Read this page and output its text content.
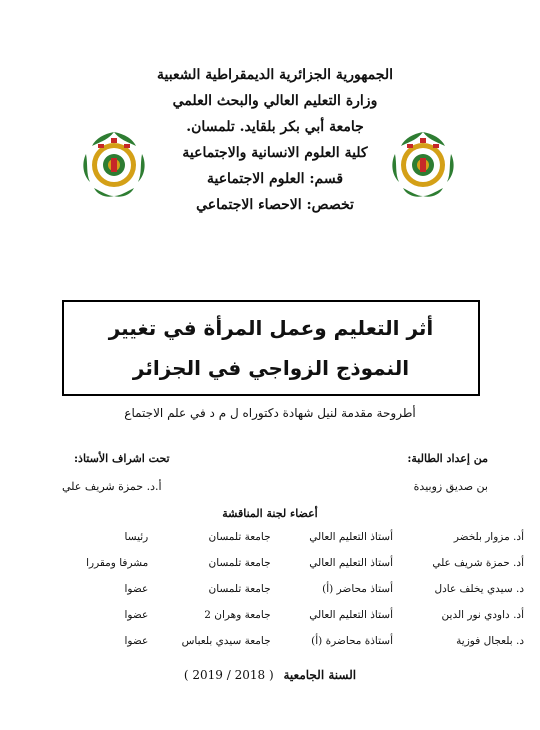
الجمهورية الجزائرية الديمقراطية الشعبية
وزارة التعليم العالي والبحث العلمي
جامعة أبي بكر بلقايد. تلمسان.
كلية العلوم الانسانية والاجتماعية
قسم: العلوم الاجتماعية
تخصص: الاحصاء الاجتماعي
أثر التعليم وعمل المرأة في تغيير
النموذج الزواجي في الجزائر
أطروحة مقدمة لنيل شهادة دكتوراه ل م د في علم الاجتماع
من إعداد الطالبة:
بن صديق زوبيدة
تحت اشراف الأستاذ:
أ.د. حمزة شريف علي
أعضاء لجنة المناقشة
أد. مزوار بلخضر	أستاذ التعليم العالي	جامعة تلمسان	رئيسا
أد. حمزة شريف علي	أستاذ التعليم العالي	جامعة تلمسان	مشرفا ومقررا
د. سيدي يخلف عادل	أستاذ محاضر (أ)	جامعة تلمسان	عضوا
أد. داودي نور الدين	أستاذ التعليم العالي	جامعة وهران 2	عضوا
د. بلعجال فوزية	أستاذة محاضرة (أ)	جامعة سيدي بلعباس	عضوا
السنة الجامعية ( 2018 / 2019 )
